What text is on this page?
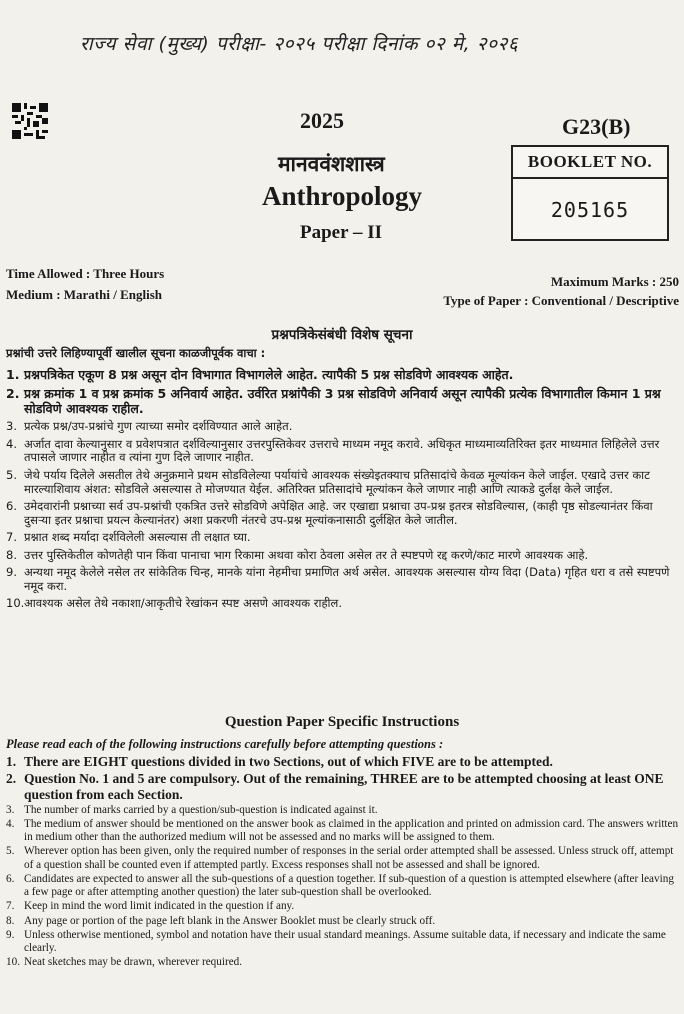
राज्य सेवा (मुख्य) परीक्षा- २०२५ परीक्षा दिनांक ०२ मे, २०२६
2025	G23(B)
मानववंशशास्त्र
Anthropology
Paper – II
BOOKLET NO.
205165
Time Allowed : Three Hours
Medium : Marathi / English
Maximum Marks : 250
Type of Paper : Conventional / Descriptive
प्रश्नपत्रिकेसंबंधी विशेष सूचना
प्रश्नांची उत्तरे लिहिण्यापूर्वी खालील सूचना काळजीपूर्वक वाचा :
1. प्रश्नपत्रिकेत एकूण 8 प्रश्न असून दोन विभागात विभागलेले आहेत. त्यापैकी 5 प्रश्न सोडविणे आवश्यक आहेत.
2. प्रश्न क्रमांक 1 व प्रश्न क्रमांक 5 अनिवार्य आहेत. उर्वरित प्रश्नांपैकी 3 प्रश्न सोडविणे अनिवार्य असून त्यापैकी प्रत्येक विभागातील किमान 1 प्रश्न सोडविणे आवश्यक राहील.
3. प्रत्येक प्रश्न/उप-प्रश्नांचे गुण त्याच्या समोर दर्शविण्यात आले आहेत.
4. अर्जात दावा केल्यानुसार व प्रवेशपत्रात दर्शविल्यानुसार उत्तरपुस्तिकेवर उत्तराचे माध्यम नमूद करावे. अधिकृत माध्यमाव्यतिरिक्त इतर माध्यमात लिहिलेले उत्तर तपासले जाणार नाहीत व त्यांना गुण दिले जाणार नाहीत.
5. जेथे पर्याय दिलेले असतील तेथे अनुक्रमाने प्रथम सोडविलेल्या पर्यायांचे आवश्यक संख्येइतक्याच प्रतिसादांचे केवळ मूल्यांकन केले जाईल. एखादे उत्तर काट मारल्याशिवाय अंशत: सोडविले असल्यास ते मोजण्यात येईल. अतिरिक्त प्रतिसादांचे मूल्यांकन केले जाणार नाही आणि त्याकडे दुर्लक्ष केले जाईल.
6. उमेदवारांनी प्रश्नाच्या सर्व उप-प्रश्नांची एकत्रित उत्तरे सोडविणे अपेक्षित आहे. जर एखाद्या प्रश्नाचा उप-प्रश्न इतरत्र सोडविल्यास, (काही पृष्ठ सोडल्यानंतर किंवा दुसऱ्या इतर प्रश्नाचा प्रयत्न केल्यानंतर) अशा प्रकरणी नंतरचे उप-प्रश्न मूल्यांकनासाठी दुर्लक्षित केले जातील.
7. प्रश्नात शब्द मर्यादा दर्शविलेली असल्यास ती लक्षात घ्या.
8. उत्तर पुस्तिकेतील कोणतेही पान किंवा पानाचा भाग रिकामा अथवा कोरा ठेवला असेल तर ते स्पष्टपणे रद्द करणे/काट मारणे आवश्यक आहे.
9. अन्यथा नमूद केलेले नसेल तर सांकेतिक चिन्ह, मानके यांना नेहमीचा प्रमाणित अर्थ असेल. आवश्यक असल्यास योग्य विदा (Data) गृहित धरा व तसे स्पष्टपणे नमूद करा.
10. आवश्यक असेल तेथे नकाशा/आकृतीचे रेखांकन स्पष्ट असणे आवश्यक राहील.
Question Paper Specific Instructions
Please read each of the following instructions carefully before attempting questions :
1. There are EIGHT questions divided in two Sections, out of which FIVE are to be attempted.
2. Question No. 1 and 5 are compulsory. Out of the remaining, THREE are to be attempted choosing at least ONE question from each Section.
3. The number of marks carried by a question/sub-question is indicated against it.
4. The medium of answer should be mentioned on the answer book as claimed in the application and printed on admission card. The answers written in medium other than the authorized medium will not be assessed and no marks will be assigned to them.
5. Wherever option has been given, only the required number of responses in the serial order attempted shall be assessed. Unless struck off, attempt of a question shall be counted even if attempted partly. Excess responses shall not be assessed and shall be ignored.
6. Candidates are expected to answer all the sub-questions of a question together. If sub-question of a question is attempted elsewhere (after leaving a few page or after attempting another question) the later sub-question shall be overlooked.
7. Keep in mind the word limit indicated in the question if any.
8. Any page or portion of the page left blank in the Answer Booklet must be clearly struck off.
9. Unless otherwise mentioned, symbol and notation have their usual standard meanings. Assume suitable data, if necessary and indicate the same clearly.
10. Neat sketches may be drawn, wherever required.
